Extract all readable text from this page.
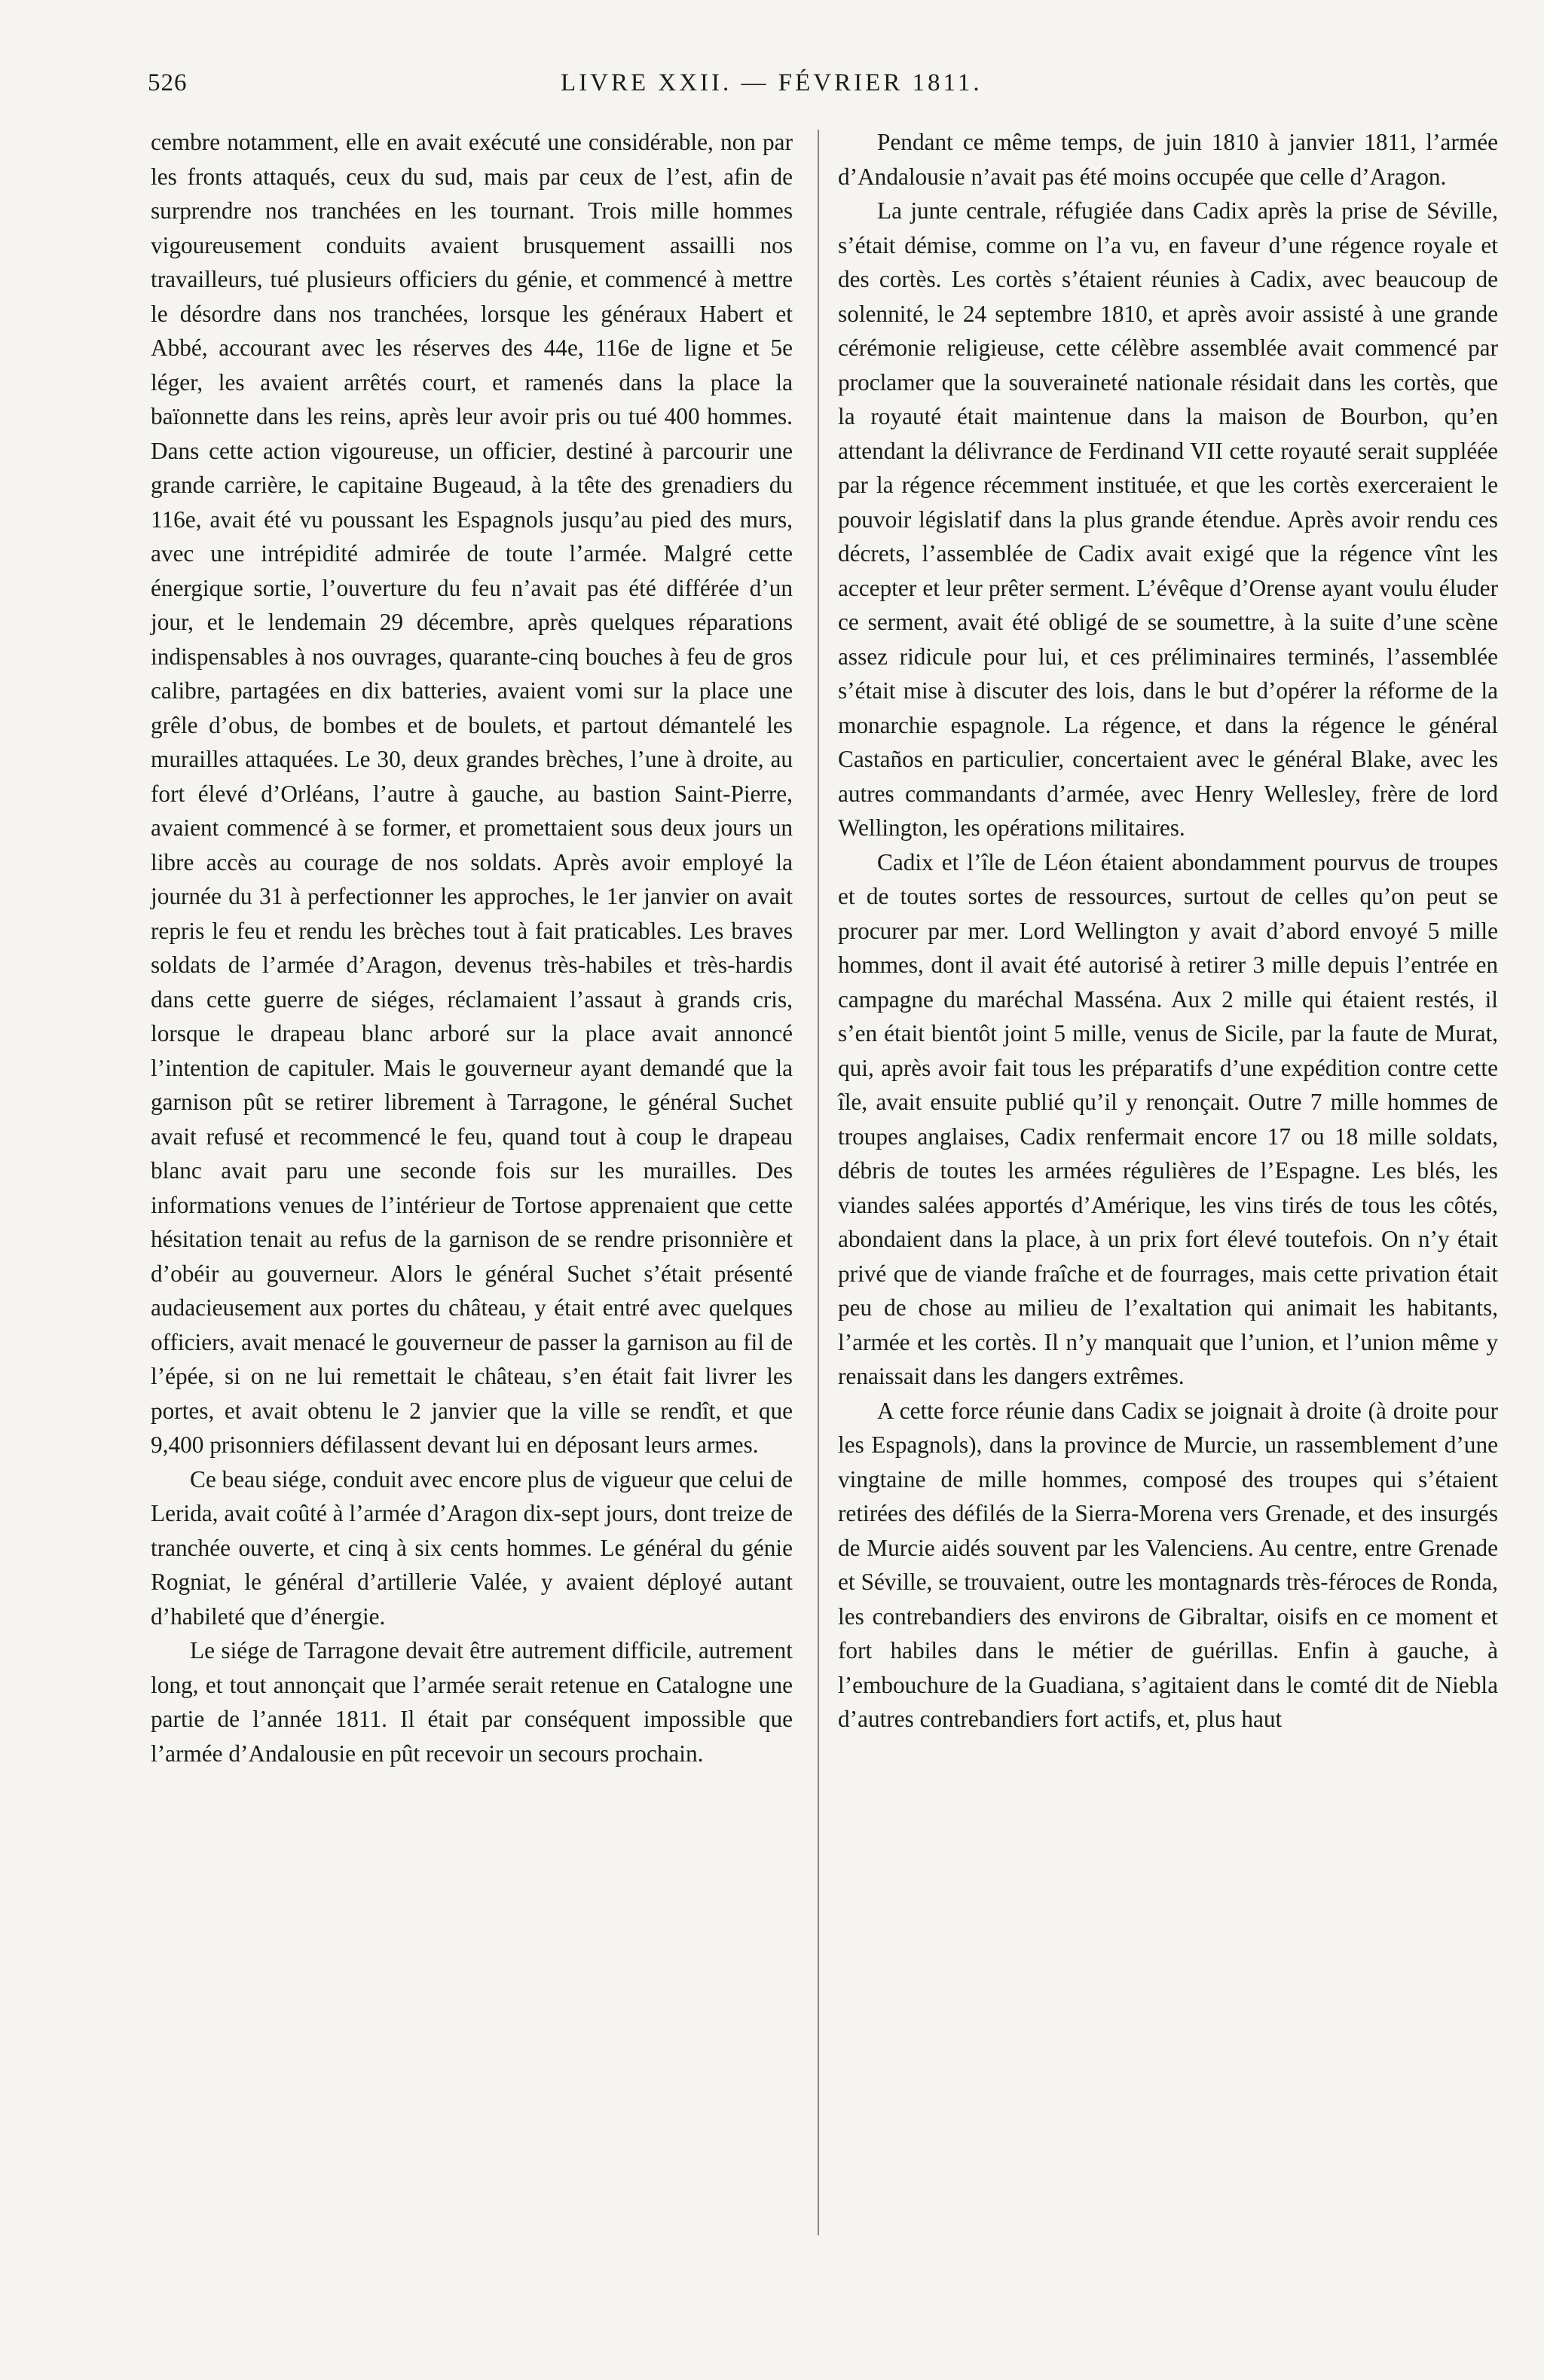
526	LIVRE XXII. — FÉVRIER 1811.

cembre notamment, elle en avait exécuté une considérable, non par les fronts attaqués, ceux du sud, mais par ceux de l’est, afin de surprendre nos tranchées en les tournant. Trois mille hommes vigoureusement conduits avaient brusquement assailli nos travailleurs, tué plusieurs officiers du génie, et commencé à mettre le désordre dans nos tranchées, lorsque les généraux Habert et Abbé, accourant avec les réserves des 44e, 116e de ligne et 5e léger, les avaient arrêtés court, et ramenés dans la place la baïonnette dans les reins, après leur avoir pris ou tué 400 hommes. Dans cette action vigoureuse, un officier, destiné à parcourir une grande carrière, le capitaine Bugeaud, à la tête des grenadiers du 116e, avait été vu poussant les Espagnols jusqu’au pied des murs, avec une intrépidité admirée de toute l’armée. Malgré cette énergique sortie, l’ouverture du feu n’avait pas été différée d’un jour, et le lendemain 29 décembre, après quelques réparations indispensables à nos ouvrages, quarante-cinq bouches à feu de gros calibre, partagées en dix batteries, avaient vomi sur la place une grêle d’obus, de bombes et de boulets, et partout démantelé les murailles attaquées. Le 30, deux grandes brèches, l’une à droite, au fort élevé d’Orléans, l’autre à gauche, au bastion Saint-Pierre, avaient commencé à se former, et promettaient sous deux jours un libre accès au courage de nos soldats. Après avoir employé la journée du 31 à perfectionner les approches, le 1er janvier on avait repris le feu et rendu les brèches tout à fait praticables. Les braves soldats de l’armée d’Aragon, devenus très-habiles et très-hardis dans cette guerre de siéges, réclamaient l’assaut à grands cris, lorsque le drapeau blanc arboré sur la place avait annoncé l’intention de capituler. Mais le gouverneur ayant demandé que la garnison pût se retirer librement à Tarragone, le général Suchet avait refusé et recommencé le feu, quand tout à coup le drapeau blanc avait paru une seconde fois sur les murailles. Des informations venues de l’intérieur de Tortose apprenaient que cette hésitation tenait au refus de la garnison de se rendre prisonnière et d’obéir au gouverneur. Alors le général Suchet s’était présenté audacieusement aux portes du château, y était entré avec quelques officiers, avait menacé le gouverneur de passer la garnison au fil de l’épée, si on ne lui remettait le château, s’en était fait livrer les portes, et avait obtenu le 2 janvier que la ville se rendît, et que 9,400 prisonniers défilassent devant lui en déposant leurs armes.

Ce beau siége, conduit avec encore plus de vigueur que celui de Lerida, avait coûté à l’armée d’Aragon dix-sept jours, dont treize de tranchée ouverte, et cinq à six cents hommes. Le général du génie Rogniat, le général d’artillerie Valée, y avaient déployé autant d’habileté que d’énergie.

Le siége de Tarragone devait être autrement difficile, autrement long, et tout annonçait que l’armée serait retenue en Catalogne une partie de l’année 1811. Il était par conséquent impossible que l’armée d’Andalousie en pût recevoir un secours prochain.

Pendant ce même temps, de juin 1810 à janvier 1811, l’armée d’Andalousie n’avait pas été moins occupée que celle d’Aragon.

La junte centrale, réfugiée dans Cadix après la prise de Séville, s’était démise, comme on l’a vu, en faveur d’une régence royale et des cortès. Les cortès s’étaient réunies à Cadix, avec beaucoup de solennité, le 24 septembre 1810, et après avoir assisté à une grande cérémonie religieuse, cette célèbre assemblée avait commencé par proclamer que la souveraineté nationale résidait dans les cortès, que la royauté était maintenue dans la maison de Bourbon, qu’en attendant la délivrance de Ferdinand VII cette royauté serait suppléée par la régence récemment instituée, et que les cortès exerceraient le pouvoir législatif dans la plus grande étendue. Après avoir rendu ces décrets, l’assemblée de Cadix avait exigé que la régence vînt les accepter et leur prêter serment. L’évêque d’Orense ayant voulu éluder ce serment, avait été obligé de se soumettre, à la suite d’une scène assez ridicule pour lui, et ces préliminaires terminés, l’assemblée s’était mise à discuter des lois, dans le but d’opérer la réforme de la monarchie espagnole. La régence, et dans la régence le général Castaños en particulier, concertaient avec le général Blake, avec les autres commandants d’armée, avec Henry Wellesley, frère de lord Wellington, les opérations militaires.

Cadix et l’île de Léon étaient abondamment pourvus de troupes et de toutes sortes de ressources, surtout de celles qu’on peut se procurer par mer. Lord Wellington y avait d’abord envoyé 5 mille hommes, dont il avait été autorisé à retirer 3 mille depuis l’entrée en campagne du maréchal Masséna. Aux 2 mille qui étaient restés, il s’en était bientôt joint 5 mille, venus de Sicile, par la faute de Murat, qui, après avoir fait tous les préparatifs d’une expédition contre cette île, avait ensuite publié qu’il y renonçait. Outre 7 mille hommes de troupes anglaises, Cadix renfermait encore 17 ou 18 mille soldats, débris de toutes les armées régulières de l’Espagne. Les blés, les viandes salées apportés d’Amérique, les vins tirés de tous les côtés, abondaient dans la place, à un prix fort élevé toutefois. On n’y était privé que de viande fraîche et de fourrages, mais cette privation était peu de chose au milieu de l’exaltation qui animait les habitants, l’armée et les cortès. Il n’y manquait que l’union, et l’union même y renaissait dans les dangers extrêmes.

A cette force réunie dans Cadix se joignait à droite (à droite pour les Espagnols), dans la province de Murcie, un rassemblement d’une vingtaine de mille hommes, composé des troupes qui s’étaient retirées des défilés de la Sierra-Morena vers Grenade, et des insurgés de Murcie aidés souvent par les Valenciens. Au centre, entre Grenade et Séville, se trouvaient, outre les montagnards très-féroces de Ronda, les contrebandiers des environs de Gibraltar, oisifs en ce moment et fort habiles dans le métier de guérillas. Enfin à gauche, à l’embouchure de la Guadiana, s’agitaient dans le comté dit de Niebla d’autres contrebandiers fort actifs, et, plus haut
